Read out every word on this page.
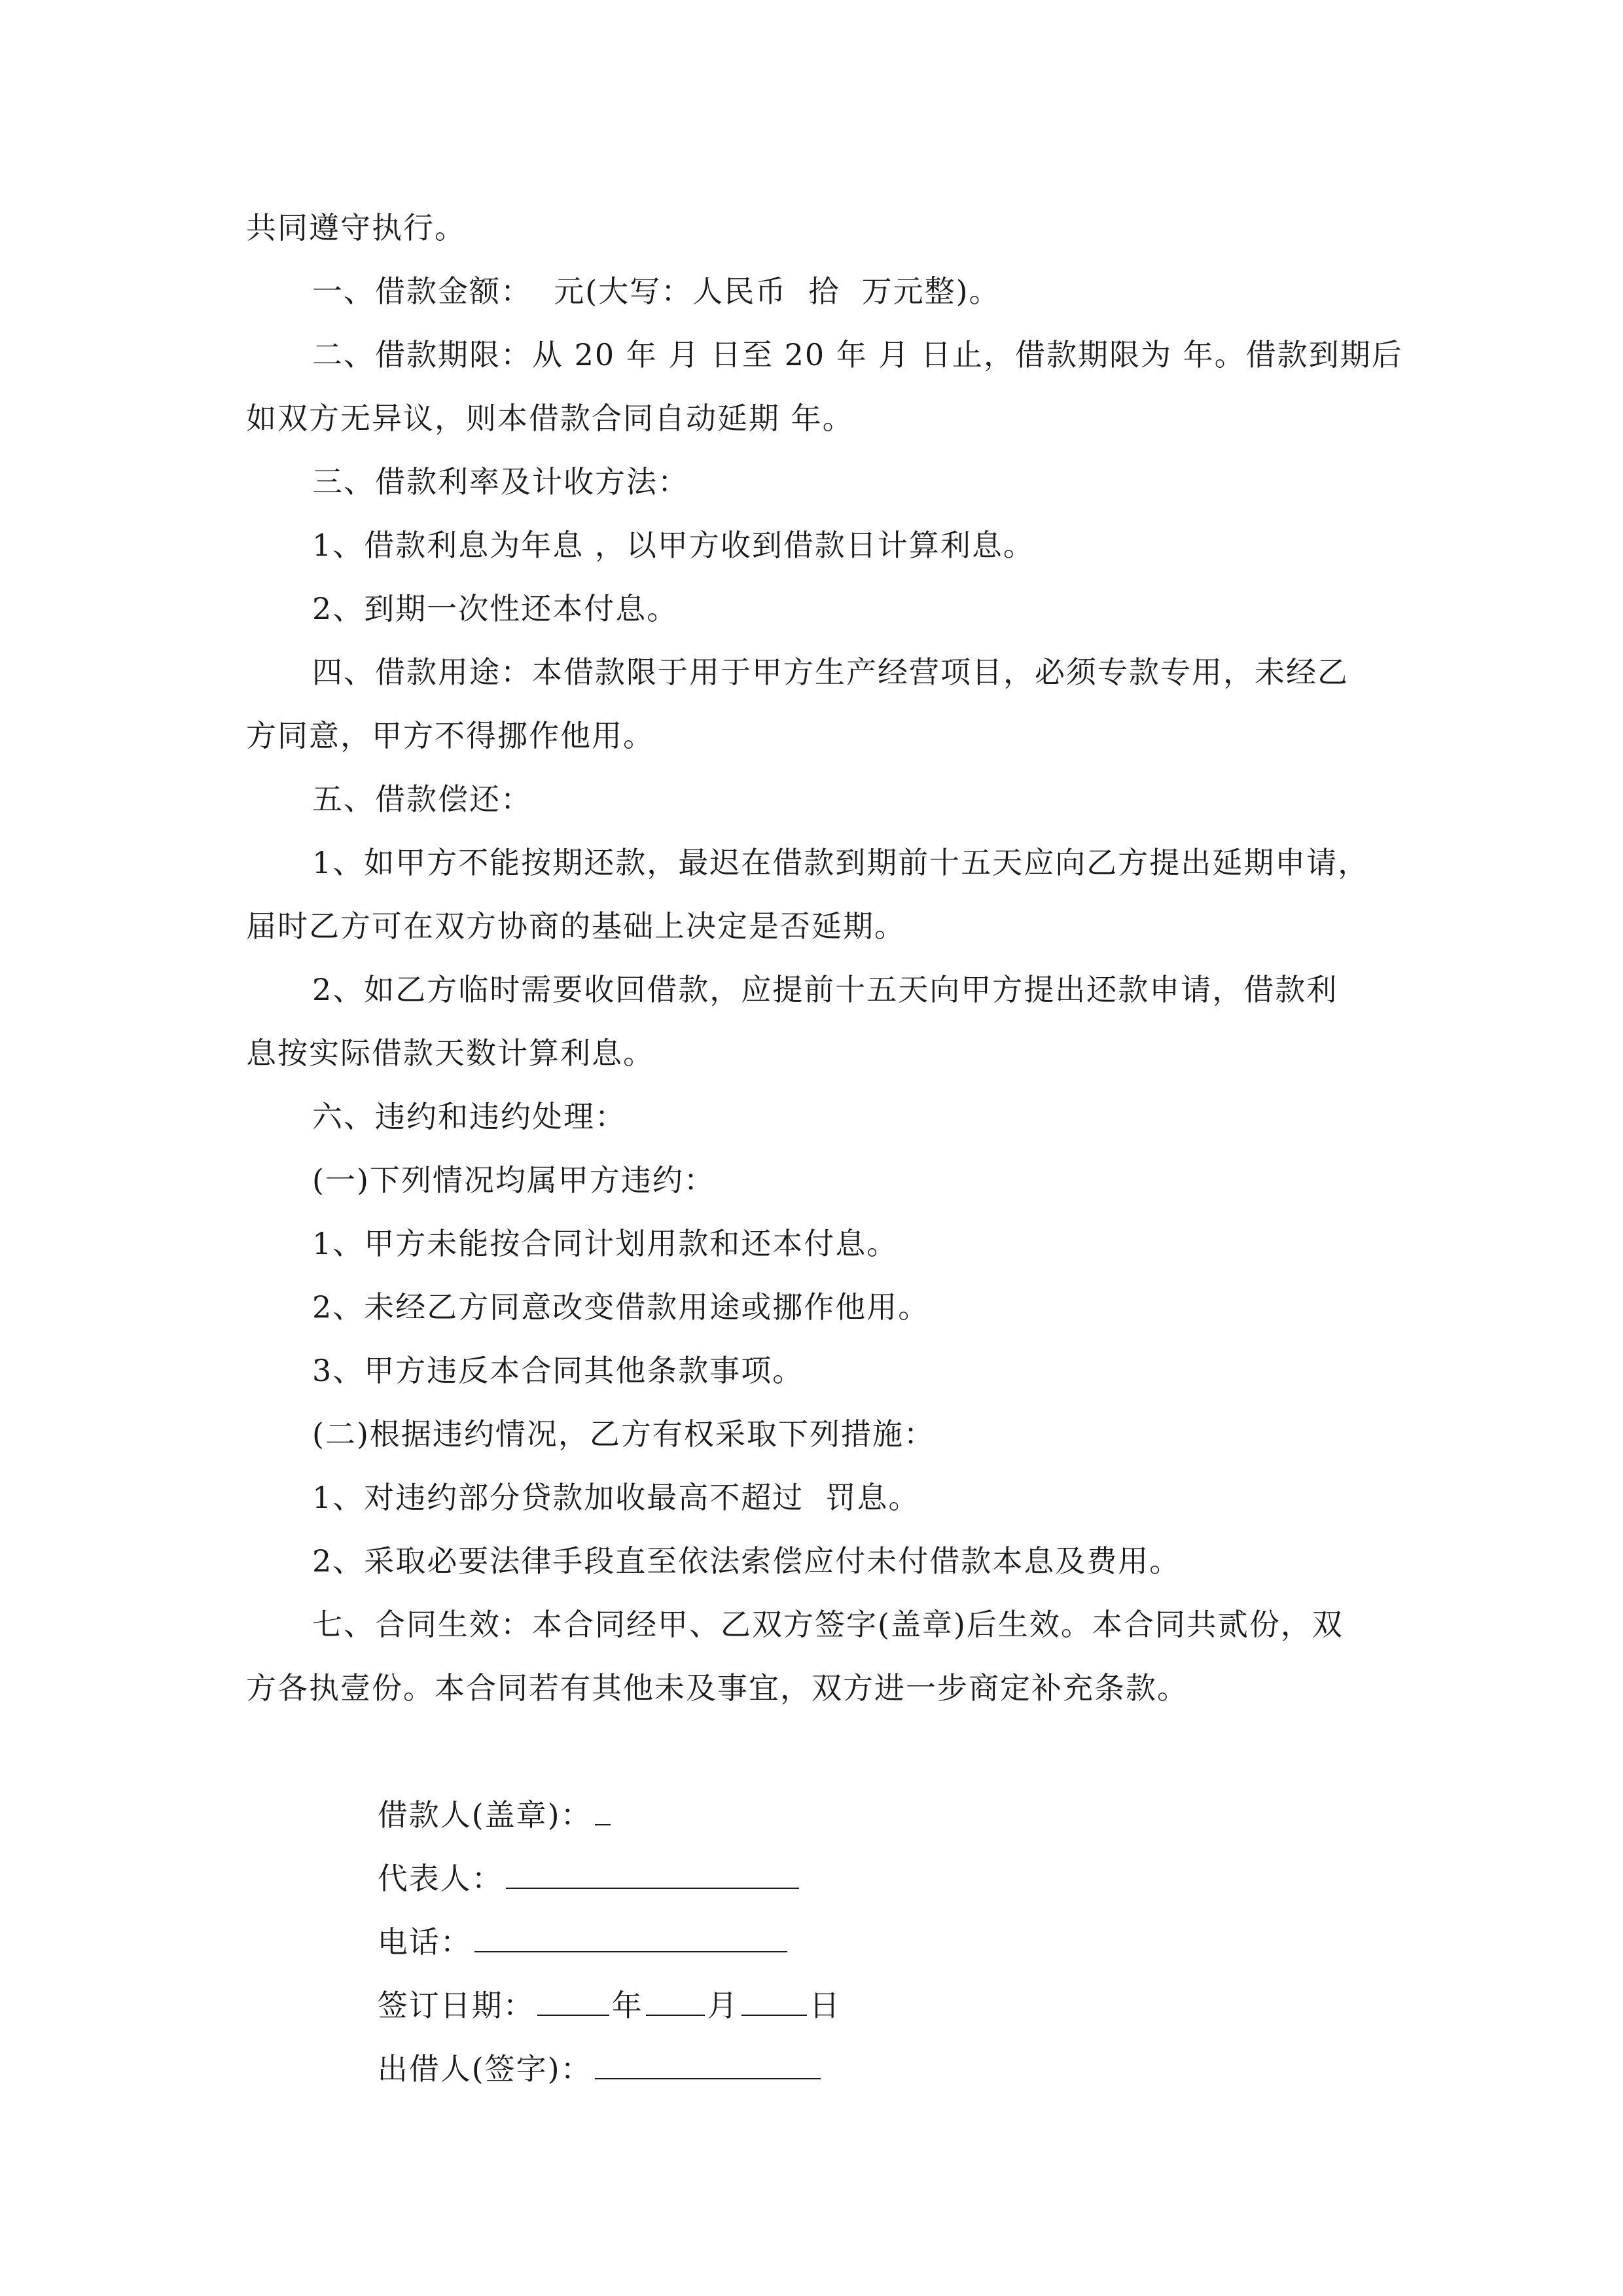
共同遵守执行。
一、借款金额：  元(大写：人民币  拾  万元整)。
二、借款期限：从 20 年 月 日至 20 年 月 日止，借款期限为 年。借款到期后
如双方无异议，则本借款合同自动延期 年。
三、借款利率及计收方法：
1、借款利息为年息 ，以甲方收到借款日计算利息。
2、到期一次性还本付息。
四、借款用途：本借款限于用于甲方生产经营项目，必须专款专用，未经乙
方同意，甲方不得挪作他用。
五、借款偿还：
1、如甲方不能按期还款，最迟在借款到期前十五天应向乙方提出延期申请，
届时乙方可在双方协商的基础上决定是否延期。
2、如乙方临时需要收回借款，应提前十五天向甲方提出还款申请，借款利
息按实际借款天数计算利息。
六、违约和违约处理：
(一)下列情况均属甲方违约：
1、甲方未能按合同计划用款和还本付息。
2、未经乙方同意改变借款用途或挪作他用。
3、甲方违反本合同其他条款事项。
(二)根据违约情况，乙方有权采取下列措施：
1、对违约部分贷款加收最高不超过  罚息。
2、采取必要法律手段直至依法索偿应付未付借款本息及费用。
七、合同生效：本合同经甲、乙双方签字(盖章)后生效。本合同共贰份，双
方各执壹份。本合同若有其他未及事宜，双方进一步商定补充条款。

借款人(盖章)：

代表人：

电话：

签订日期：	年 月 日

出借人(签字)：
